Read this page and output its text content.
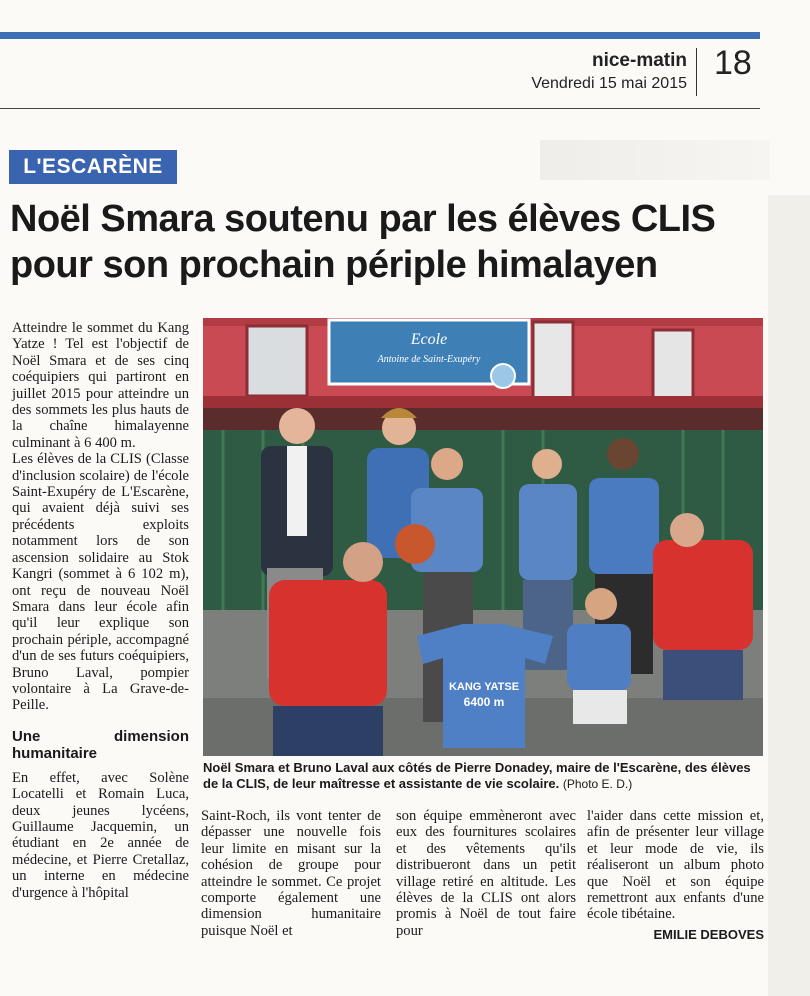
nice-matin
Vendredi 15 mai 2015
18
L'ESCARÈNE
Noël Smara soutenu par les élèves CLIS
pour son prochain périple himalayen

Atteindre le sommet du Kang Yatze ! Tel est l'objectif de Noël Smara et de ses cinq coéquipiers qui partiront en juillet 2015 pour atteindre un des sommets les plus hauts de la chaîne himalayenne culminant à 6 400 m.

Les élèves de la CLIS (Classe d'inclusion scolaire) de l'école Saint-Exupéry de L'Escarène, qui avaient déjà suivi ses précédents exploits notamment lors de son ascension solidaire au Stok Kangri (sommet à 6 102 m), ont reçu de nouveau Noël Smara dans leur école afin qu'il leur explique son prochain périple, accompagné d'un de ses futurs coéquipiers, Bruno Laval, pompier volontaire à La Grave-de-Peille.

Une dimension humanitaire

En effet, avec Solène Locatelli et Romain Luca, deux jeunes lycéens, Guillaume Jacquemin, un étudiant en 2e année de médecine, et Pierre Cretallaz, un interne en médecine d'urgence à l'hôpital

Ecole
Antoine de Saint-Exupéry
KANG YATSE
6400 m
Noël Smara et Bruno Laval aux côtés de Pierre Donadey, maire de l'Escarène, des élèves de la CLIS, de leur maîtresse et assistante de vie scolaire. (Photo E. D.)

Saint-Roch, ils vont tenter de dépasser une nouvelle fois leur limite en misant sur la cohésion de groupe pour atteindre le sommet. Ce projet comporte également une dimension humanitaire puisque Noël et

son équipe emmèneront avec eux des fournitures scolaires et des vêtements qu'ils distribueront dans un petit village retiré en altitude. Les élèves de la CLIS ont alors promis à Noël de tout faire pour

l'aider dans cette mission et, afin de présenter leur village et leur mode de vie, ils réaliseront un album photo que Noël et son équipe remettront aux enfants d'une école tibétaine.

EMILIE DEBOVES
